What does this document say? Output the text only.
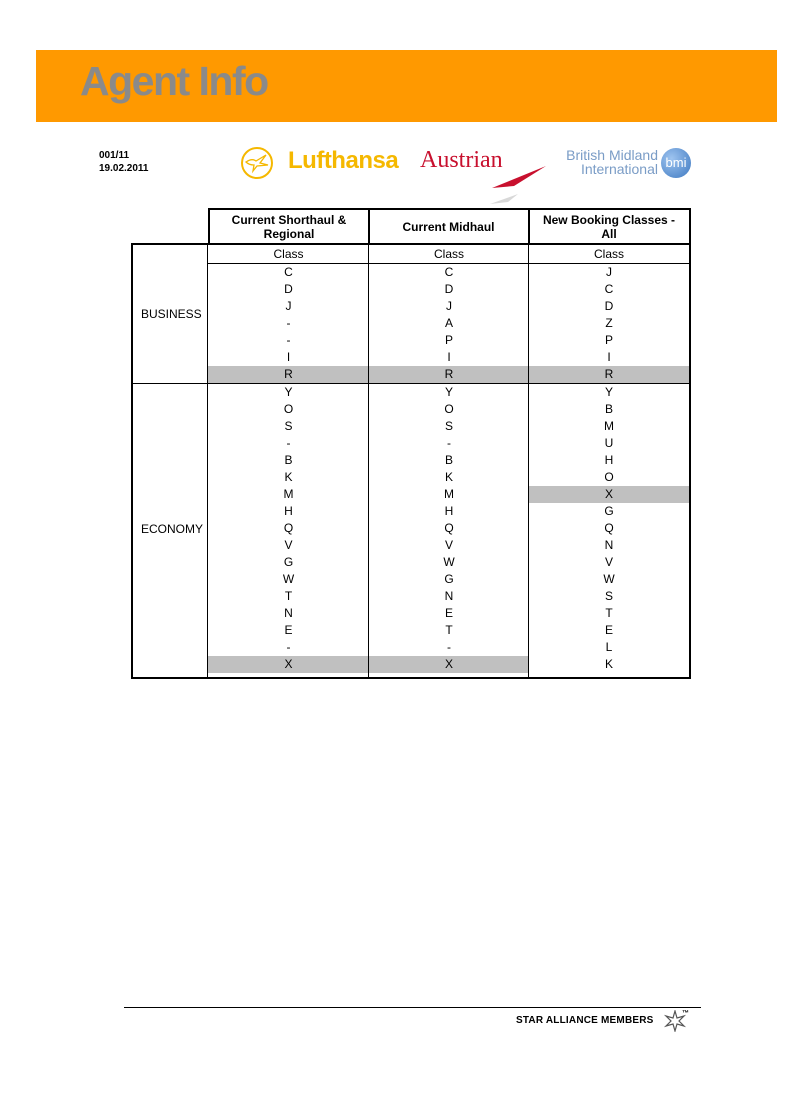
Agent Info
001/11
19.02.2011	Lufthansa Austrian	British Midland
International bmi
Current Shorthaul & Regional	Current Midhaul	New Booking Classes - All
Class	Class	Class
BUSINESS
C	C	J
D	D	C
J	J	D
-	A	Z
-	P	P
I	I	I
R	R	R
ECONOMY
Y	Y	Y
O	O	B
S	S	M
-	-	U
B	B	H
K	K	O
M	M	X
H	H	G
Q	Q	Q
V	V	N
G	W	V
W	G	W
T	N	S
N	E	T
E	T	E
-	-	L
X	X	K
STAR ALLIANCE MEMBERS
™
